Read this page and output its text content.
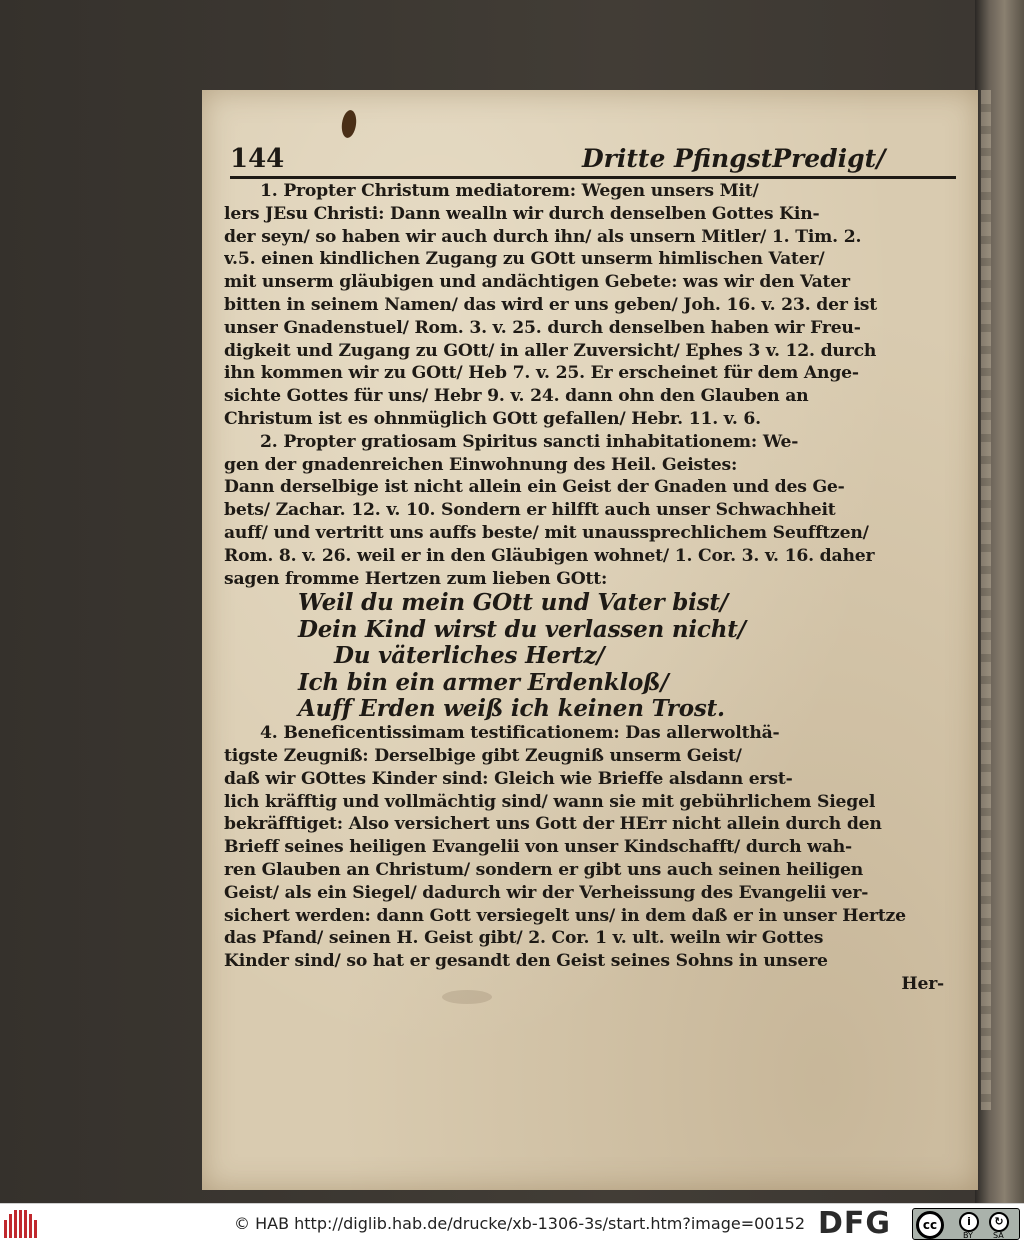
144	Dritte PfingstPredigt/
1. Propter Christum mediatorem: Wegen unsers Mit/
lers JEsu Christi: Dann wealln wir durch denselben Gottes Kin-
der seyn/ so haben wir auch durch ihn/ als unsern Mitler/ 1. Tim. 2.
v.5. einen kindlichen Zugang zu GOtt unserm himlischen Vater/
mit unserm gläubigen und andächtigen Gebete: was wir den Vater
bitten in seinem Namen/ das wird er uns geben/ Joh. 16. v. 23. der ist
unser Gnadenstuel/ Rom. 3. v. 25. durch denselben haben wir Freu-
digkeit und Zugang zu GOtt/ in aller Zuversicht/ Ephes 3 v. 12. durch
ihn kommen wir zu GOtt/ Heb 7. v. 25. Er erscheinet für dem Ange-
sichte Gottes für uns/ Hebr 9. v. 24. dann ohn den Glauben an
Christum ist es ohnmüglich GOtt gefallen/ Hebr. 11. v. 6.
2. Propter gratiosam Spiritus sancti inhabitationem: We-
gen der gnadenreichen Einwohnung des Heil. Geistes:
Dann derselbige ist nicht allein ein Geist der Gnaden und des Ge-
bets/ Zachar. 12. v. 10. Sondern er hilfft auch unser Schwachheit
auff/ und vertritt uns auffs beste/ mit unaussprechlichem Seufftzen/
Rom. 8. v. 26. weil er in den Gläubigen wohnet/ 1. Cor. 3. v. 16. daher
sagen fromme Hertzen zum lieben GOtt:
Weil du mein GOtt und Vater bist/
Dein Kind wirst du verlassen nicht/
Du väterliches Hertz/
Ich bin ein armer Erdenkloß/
Auff Erden weiß ich keinen Trost.
4. Beneficentissimam testificationem: Das allerwolthä-
tigste Zeugniß: Derselbige gibt Zeugniß unserm Geist/
daß wir GOttes Kinder sind: Gleich wie Brieffe alsdann erst-
lich kräfftig und vollmächtig sind/ wann sie mit gebührlichem Siegel
bekräfftiget: Also versichert uns Gott der HErr nicht allein durch den
Brieff seines heiligen Evangelii von unser Kindschafft/ durch wah-
ren Glauben an Christum/ sondern er gibt uns auch seinen heiligen
Geist/ als ein Siegel/ dadurch wir der Verheissung des Evangelii ver-
sichert werden: dann Gott versiegelt uns/ in dem daß er in unser Hertze
das Pfand/ seinen H. Geist gibt/ 2. Cor. 1 v. ult. weiln wir Gottes
Kinder sind/ so hat er gesandt den Geist seines Sohns in unsere
Her-
© HAB http://diglib.hab.de/drucke/xb-1306-3s/start.htm?image=00152 DFG	cc	i	↻
BY	SA
